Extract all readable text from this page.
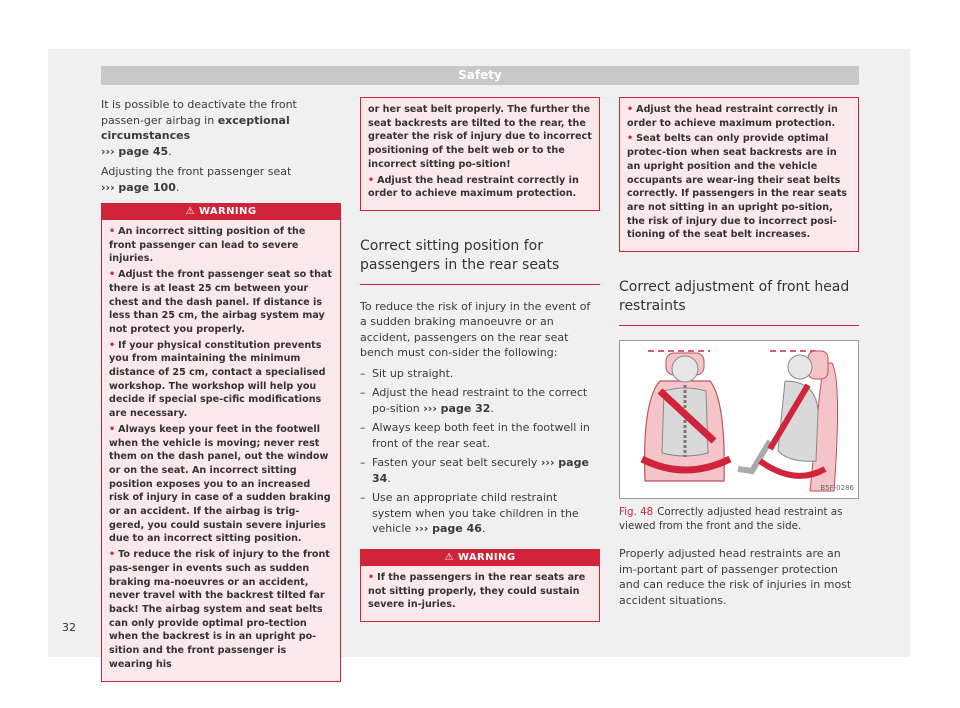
Safety

It is possible to deactivate the front passen-ger airbag in exceptional circumstances
››› page 45.

Adjusting the front passenger seat
››› page 100.

⚠ WARNING

• An incorrect sitting position of the front passenger can lead to severe injuries.

• Adjust the front passenger seat so that there is at least 25 cm between your chest and the dash panel. If distance is less than 25 cm, the airbag system may not protect you properly.

• If your physical constitution prevents you from maintaining the minimum distance of 25 cm, contact a specialised workshop. The workshop will help you decide if special spe-cific modifications are necessary.

• Always keep your feet in the footwell when the vehicle is moving; never rest them on the dash panel, out the window or on the seat. An incorrect sitting position exposes you to an increased risk of injury in case of a sudden braking or an accident. If the airbag is trig-gered, you could sustain severe injuries due to an incorrect sitting position.

• To reduce the risk of injury to the front pas-senger in events such as sudden braking ma-noeuvres or an accident, never travel with the backrest tilted far back! The airbag system and seat belts can only provide optimal pro-tection when the backrest is in an upright po-sition and the front passenger is wearing his

or her seat belt properly. The further the seat backrests are tilted to the rear, the greater the risk of injury due to incorrect positioning of the belt web or to the incorrect sitting po-sition!

• Adjust the head restraint correctly in order to achieve maximum protection.

Correct sitting position for passengers in the rear seats

To reduce the risk of injury in the event of a sudden braking manoeuvre or an accident, passengers on the rear seat bench must con-sider the following:

– Sit up straight.
– Adjust the head restraint to the correct po-sition ››› page 32.
– Always keep both feet in the footwell in front of the rear seat.
– Fasten your seat belt securely ››› page 34.
– Use an appropriate child restraint system when you take children in the vehicle ››› page 46.
⚠ WARNING

• If the passengers in the rear seats are not sitting properly, they could sustain severe in-juries.

• Adjust the head restraint correctly in order to achieve maximum protection.

• Seat belts can only provide optimal protec-tion when seat backrests are in an upright position and the vehicle occupants are wear-ing their seat belts correctly. If passengers in the rear seats are not sitting in an upright po-sition, the risk of injury due to incorrect posi-tioning of the seat belt increases.

Correct adjustment of front head restraints
B5F-0286

Fig. 48 Correctly adjusted head restraint as viewed from the front and the side.

Properly adjusted head restraints are an im-portant part of passenger protection and can reduce the risk of injuries in most accident situations.

32
